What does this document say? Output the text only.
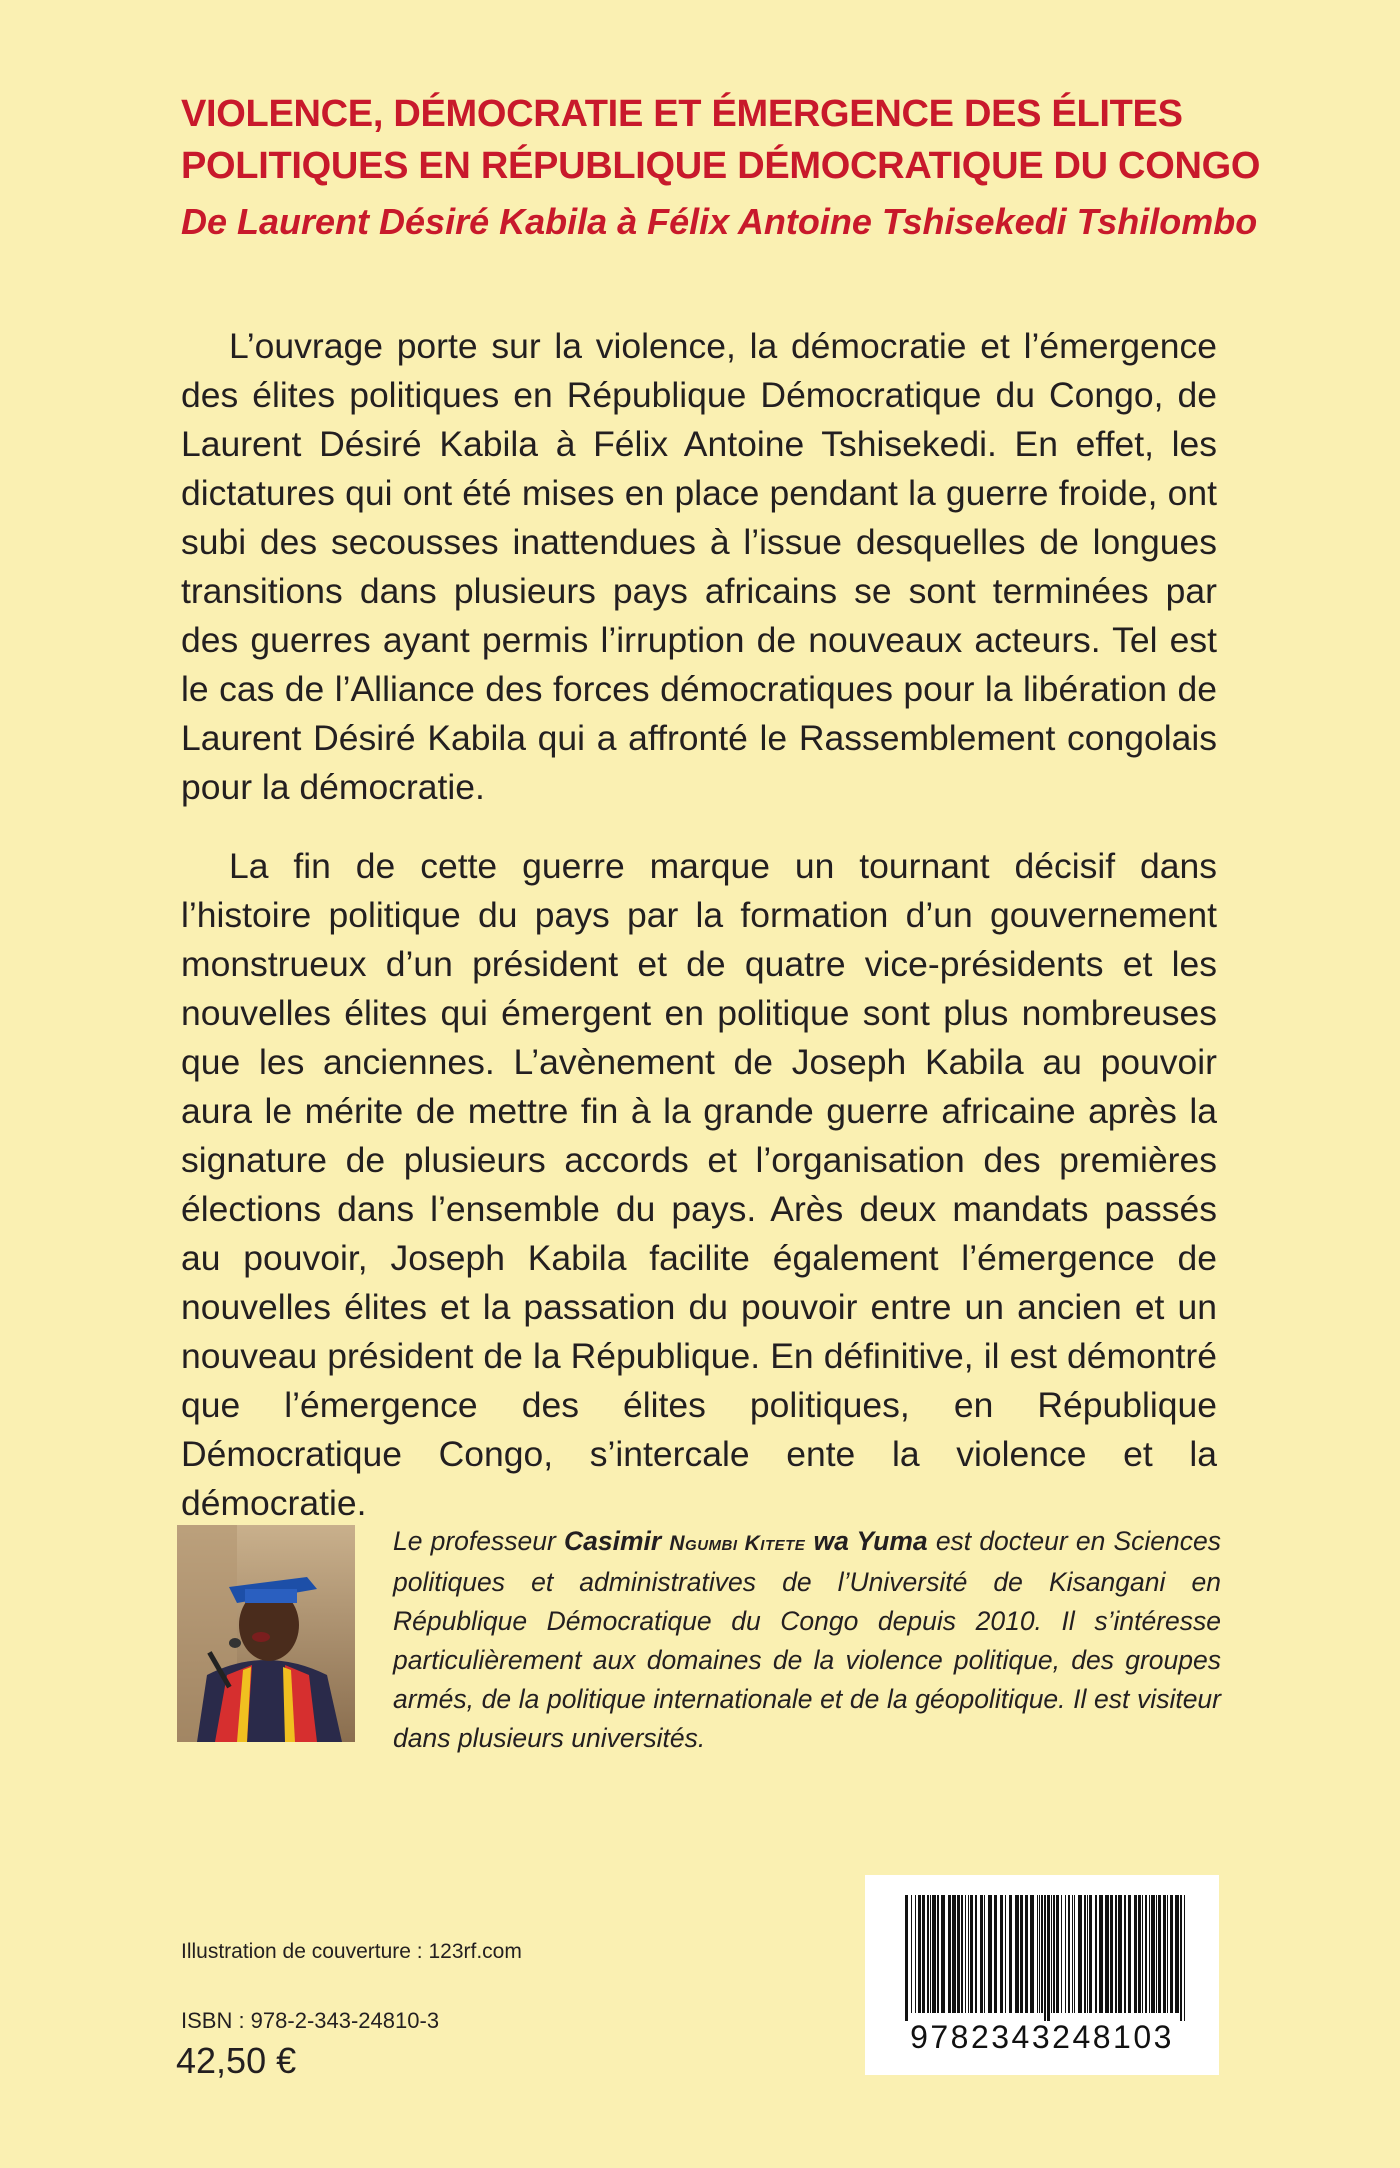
VIOLENCE, DÉMOCRATIE ET ÉMERGENCE DES ÉLITES
POLITIQUES EN RÉPUBLIQUE DÉMOCRATIQUE DU CONGO
De Laurent Désiré Kabila à Félix Antoine Tshisekedi Tshilombo

L’ouvrage porte sur la violence, la démocratie et l’émergence des élites politiques en République Démocratique du Congo, de Laurent Désiré Kabila à Félix Antoine Tshisekedi. En effet, les dictatures qui ont été mises en place pendant la guerre froide, ont subi des secousses inattendues à l’issue desquelles de longues transitions dans plusieurs pays africains se sont terminées par des guerres ayant permis l’irruption de nouveaux acteurs. Tel est le cas de l’Alliance des forces démocratiques pour la libération de Laurent Désiré Kabila qui a affronté le Rassemblement congolais pour la démocratie.

La fin de cette guerre marque un tournant décisif dans l’histoire politique du pays par la formation d’un gouvernement monstrueux d’un président et de quatre vice-présidents et les nouvelles élites qui émergent en politique sont plus nombreuses que les anciennes. L’avènement de Joseph Kabila au pouvoir aura le mérite de mettre fin à la grande guerre africaine après la signature de plusieurs accords et l’organisation des premières élections dans l’ensemble du pays. Arès deux mandats passés au pouvoir, Joseph Kabila facilite également l’émergence de nouvelles élites et la passation du pouvoir entre un ancien et un nouveau président de la République. En définitive, il est démontré que l’émergence des élites politiques, en République Démocratique Congo, s’intercale ente la violence et la démocratie.

Le professeur Casimir Ngumbi Kitete wa Yuma est docteur en Sciences politiques et administratives de l’Université de Kisangani en République Démocratique du Congo depuis 2010. Il s’intéresse particulièrement aux domaines de la violence politique, des groupes armés, de la politique internationale et de la géopolitique. Il est visiteur dans plusieurs universités.
Illustration de couverture : 123rf.com
ISBN : 978-2-343-24810-3
42,50 €
9782343248103
